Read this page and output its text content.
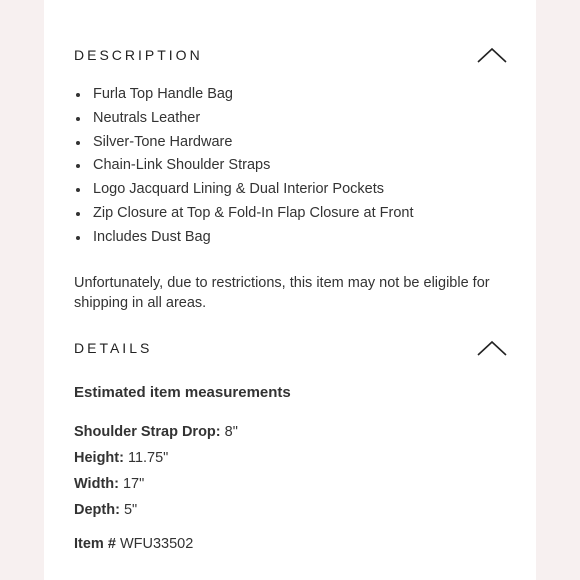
DESCRIPTION
Furla Top Handle Bag
Neutrals Leather
Silver-Tone Hardware
Chain-Link Shoulder Straps
Logo Jacquard Lining & Dual Interior Pockets
Zip Closure at Top & Fold-In Flap Closure at Front
Includes Dust Bag

Unfortunately, due to restrictions, this item may not be eligible for shipping in all areas.

DETAILS
Estimated item measurements
Shoulder Strap Drop: 8"
Height: 11.75"
Width: 17"
Depth: 5"
Item # WFU33502
